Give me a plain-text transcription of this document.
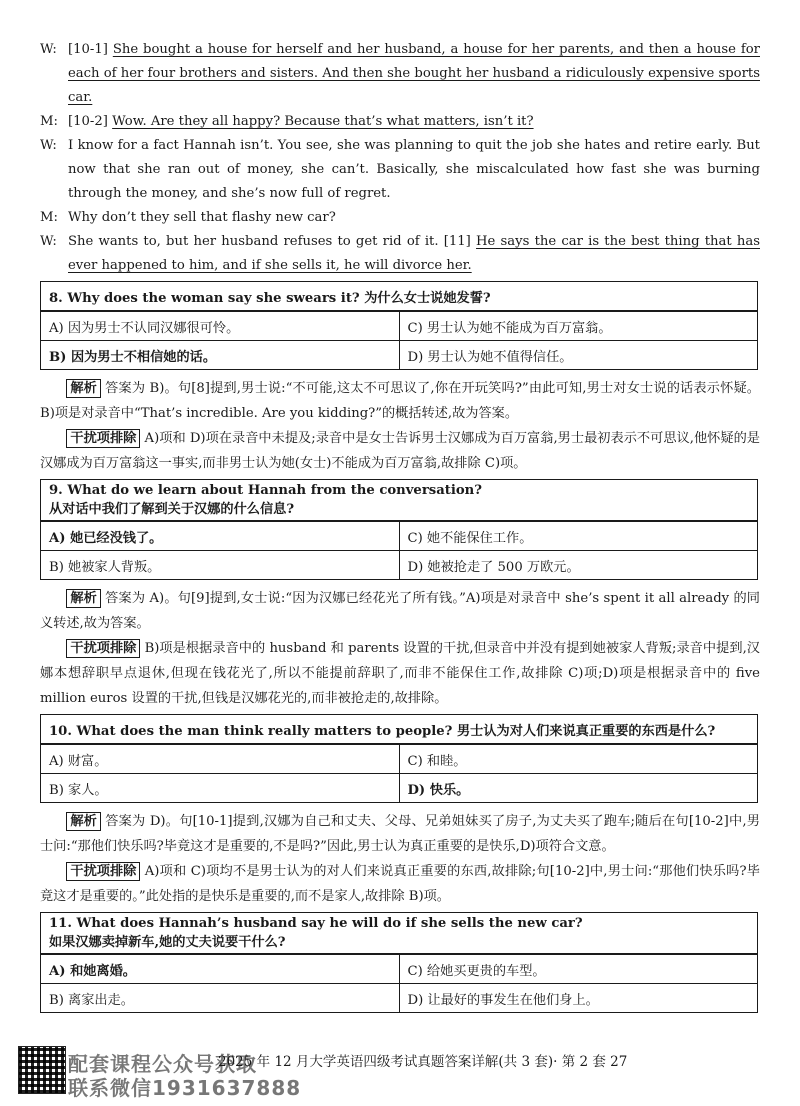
W: [10-1] She bought a house for herself and her husband, a house for her parents, and then a house for each of her four brothers and sisters. And then she bought her husband a ridiculously expensive sports car.
M: [10-2] Wow. Are they all happy? Because that’s what matters, isn’t it?
W: I know for a fact Hannah isn’t. You see, she was planning to quit the job she hates and retire early. But now that she ran out of money, she can’t. Basically, she miscalculated how fast she was burning through the money, and she’s now full of regret.
M: Why don’t they sell that flashy new car?
W: She wants to, but her husband refuses to get rid of it. [11] He says the car is the best thing that has ever happened to him, and if she sells it, he will divorce her.
8. Why does the woman say she swears it? 为什么女士说她发誓?	
A) 因为男士不认同汉娜很可怜。	C) 男士认为她不能成为百万富翁。
B) 因为男士不相信她的话。	D) 男士认为她不值得信任。
解析 答案为 B)。句[8]提到,男士说:“不可能,这太不可思议了,你在开玩笑吗?”由此可知,男士对女士说的话表示怀疑。B)项是对录音中“That’s incredible. Are you kidding?”的概括转述,故为答案。
干扰项排除 A)项和 D)项在录音中未提及;录音中是女士告诉男士汉娜成为百万富翁,男士最初表示不可思议,他怀疑的是汉娜成为百万富翁这一事实,而非男士认为她(女士)不能成为百万富翁,故排除 C)项。
9. What do we learn about Hannah from the conversation?
从对话中我们了解到关于汉娜的什么信息?	

A) 她已经没钱了。	C) 她不能保住工作。
B) 她被家人背叛。	D) 她被抢走了 500 万欧元。
解析 答案为 A)。句[9]提到,女士说:“因为汉娜已经花光了所有钱。”A)项是对录音中 she’s spent it all already 的同义转述,故为答案。
干扰项排除 B)项是根据录音中的 husband 和 parents 设置的干扰,但录音中并没有提到她被家人背叛;录音中提到,汉娜本想辞职早点退休,但现在钱花光了,所以不能提前辞职了,而非不能保住工作,故排除 C)项;D)项是根据录音中的 five million euros 设置的干扰,但钱是汉娜花光的,而非被抢走的,故排除。
10. What does the man think really matters to people? 男士认为对人们来说真正重要的东西是什么?	
A) 财富。	C) 和睦。
B) 家人。	D) 快乐。
解析 答案为 D)。句[10-1]提到,汉娜为自己和丈夫、父母、兄弟姐妹买了房子,为丈夫买了跑车;随后在句[10-2]中,男士问:“那他们快乐吗?毕竟这才是重要的,不是吗?”因此,男士认为真正重要的是快乐,D)项符合文意。
干扰项排除 A)项和 C)项均不是男士认为的对人们来说真正重要的东西,故排除;句[10-2]中,男士问:“那他们快乐吗?毕竟这才是重要的。”此处指的是快乐是重要的,而不是家人,故排除 B)项。
11. What does Hannah’s husband say he will do if she sells the new car?
如果汉娜卖掉新车,她的丈夫说要干什么?	

A) 和她离婚。	C) 给她买更贵的车型。
B) 离家出走。	D) 让最好的事发生在他们身上。
配套课程公众号获取
联系微信1931637888
2025 年 12 月大学英语四级考试真题答案详解(共 3 套)· 第 2 套 27
